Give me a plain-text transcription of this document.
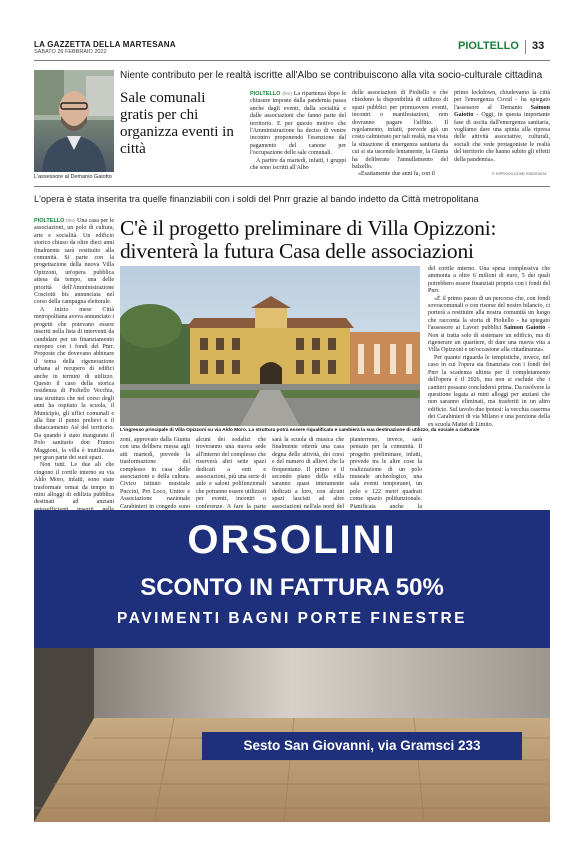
LA GAZZETTA DELLA MARTESANA
SABATO 26 FEBBRAIO 2022	PIOLTELLO 33
L'assessore al Demanio Gaiotto
Niente contributo per le realtà iscritte all'Albo se contribuiscono alla vita socio-culturale cittadina
Sale comunali gratis per chi organizza eventi in città

PIOLTELLO (fmr) La ripartenza dopo le chiusure imposte dalla pandemia passa anche dagli eventi, dalla socialità e dalle associazioni che fanno parte del territorio. E per questo motivo che l'Amministrazione ha deciso di venire incontro proponendo l'esenzione dal pagamento del canone per l'occupazione delle sale comunali.

A partire da martedì, infatti, i gruppi che sono iscritti all'Albo

delle associazioni di Pioltello e che chiedono la disponibilità di utilizzo di spazi pubblici per promuovere eventi, incontri o manifestazioni, non dovranno pagare l'affitto. Il regolamento, infatti, prevede già un costo calmierato per tali realtà, ma vista la situazione di emergenza sanitaria da cui si sta uscendo lentamente, la Giunta ha deliberato l'annullamento del balzello.

«Esattamente due anni fa, con il

primo lockdown, chiudevamo la città per l'emergenza Covid - ha spiegato l'assessore al Demanio Saimon Gaiotto - Oggi, in questa importante fase di uscita dall'emergenza sanitaria, vogliamo dare una spinta alla ripresa delle attività associative, culturali, sociali che vede protagoniste le realtà del territorio che hanno subito gli effetti della pandemia».

© RIPRODUZIONE RISERVATA
L'opera è stata inserita tra quelle finanziabili con i soldi del Pnrr grazie al bando indetto da Città metropolitana
C'è il progetto preliminare di Villa Opizzoni: diventerà la futura Casa delle associazioni

PIOLTELLO (fmr) Una casa per le associazioni, un polo di cultura, arte e socialità. Un edificio storico chiuso da oltre dieci anni finalmente sarà restituito alla comunità. Si parte con la progettazione della nuova Villa Opizzoni, un'opera pubblica attesa da tempo, una delle priorità dell'Amministrazione Cosciotti bis annunciata nel corso della campagna elettorale.

A inizio mese Città metropolitana aveva annunciato i progetti che potevano essere inseriti nella lista di interventi da candidare per un finanziamento europeo con i fondi del Pnrr. Proposte che dovevano abbinare il tema della rigenerazione urbana al recupero di edifici anche in termini di utilizzo. Questo il caso della storica residenza di Pioltello Vecchia, una struttura che nel corso degli anni ha ospitato la scuola, il Municipio, gli uffici comunali e alla fine il punto prelievi e il distaccamento Asl del territorio. Da quando è stato inaugurato il Polo sanitario don Franco Maggioni, la villa è inutilizzata per gran parte dei suoi spazi.

Non tutti. Le due ali che cingono il cortile interno su via Aldo Moro, infatti, sono state trasformate ormai da tempo in mini alloggi di edilizia pubblica destinati ad anziani

L'ingresso principale di Villa Opizzoni su via Aldo Moro. La struttura potrà essere riqualificata e cambierà la sua destinazione di utilizzo, da sociale a culturale
zoni, approvato dalla Giunta con una delibera messa agli atti martedì, prevede la trasformazione del complesso in casa delle associazioni e della cultura. Civico istituto musicale Puccini, Pro Loco, Unitre e Associazione nazionale Carabinieri in congedo sono
alcuni dei sodalizi che troveranno una nuova sede all'interno del complesso che riserverà altri sette spazi dedicati a enti e associazioni, più una serie di aule e saloni polifunzionali che potranno essere utilizzati per eventi, incontri o conferenze. A fare la parte
sarà la scuola di musica che finalmente otterrà una casa degna delle attività, dei corsi e del numero di allievi che la frequentano. Il primo e il secondo piano della villa saranno quasi interamente dedicati a loro, con alcuni spazi lasciati ad altre associazioni nell'ala nord del
pianterreno, invece, sarà pensato per la comunità. Il progetto preliminare, infatti, prevede tra le altre cose la realizzazione di un polo museale archeologico, una sala eventi temporanei, un polo e 122 metri quadrati come spazio polifunzionale. Pianificata anche la

del cortile interno. Una spesa complessiva che ammonta a oltre 6 milioni di euro, 5 dei quali potrebbero essere finanziati proprio con i fondi del Pnrr.

«È il primo passo di un percorso che, con fondi sovracomunali o con risorse del nostro bilancio, ci porterà a restituire alla nostra comunità un luogo che racconta la storia di Pioltello - ha spiegato l'assessore ai Lavori pubblici Saimon Gaiotto - Non si tratta solo di sistemare un edificio, ma di rigenerare un quartiere, di dare una nuova vita a Villa Opizzoni e un'occasione alla cittadinanza».

Per quanto riguarda le tempistiche, invece, nel caso in cui l'opera sia finanziata con i fondi del Pnrr la scadenza ultima per il completamento dell'opera è il 2026, ma non si esclude che i cantieri possano concludersi prima. Da risolvere la questione legata ai mini alloggi per anziani che non saranno eliminati, ma trasferiti in un altro edificio. Sul tavolo due ipotesi: la vecchia caserma dei Carabinieri di via Milano e una porzione della ex scuola Mattei di Limito.

ORSOLINI
SCONTO IN FATTURA 50%
PAVIMENTI BAGNI PORTE FINESTRE
Sesto San Giovanni, via Gramsci 233
